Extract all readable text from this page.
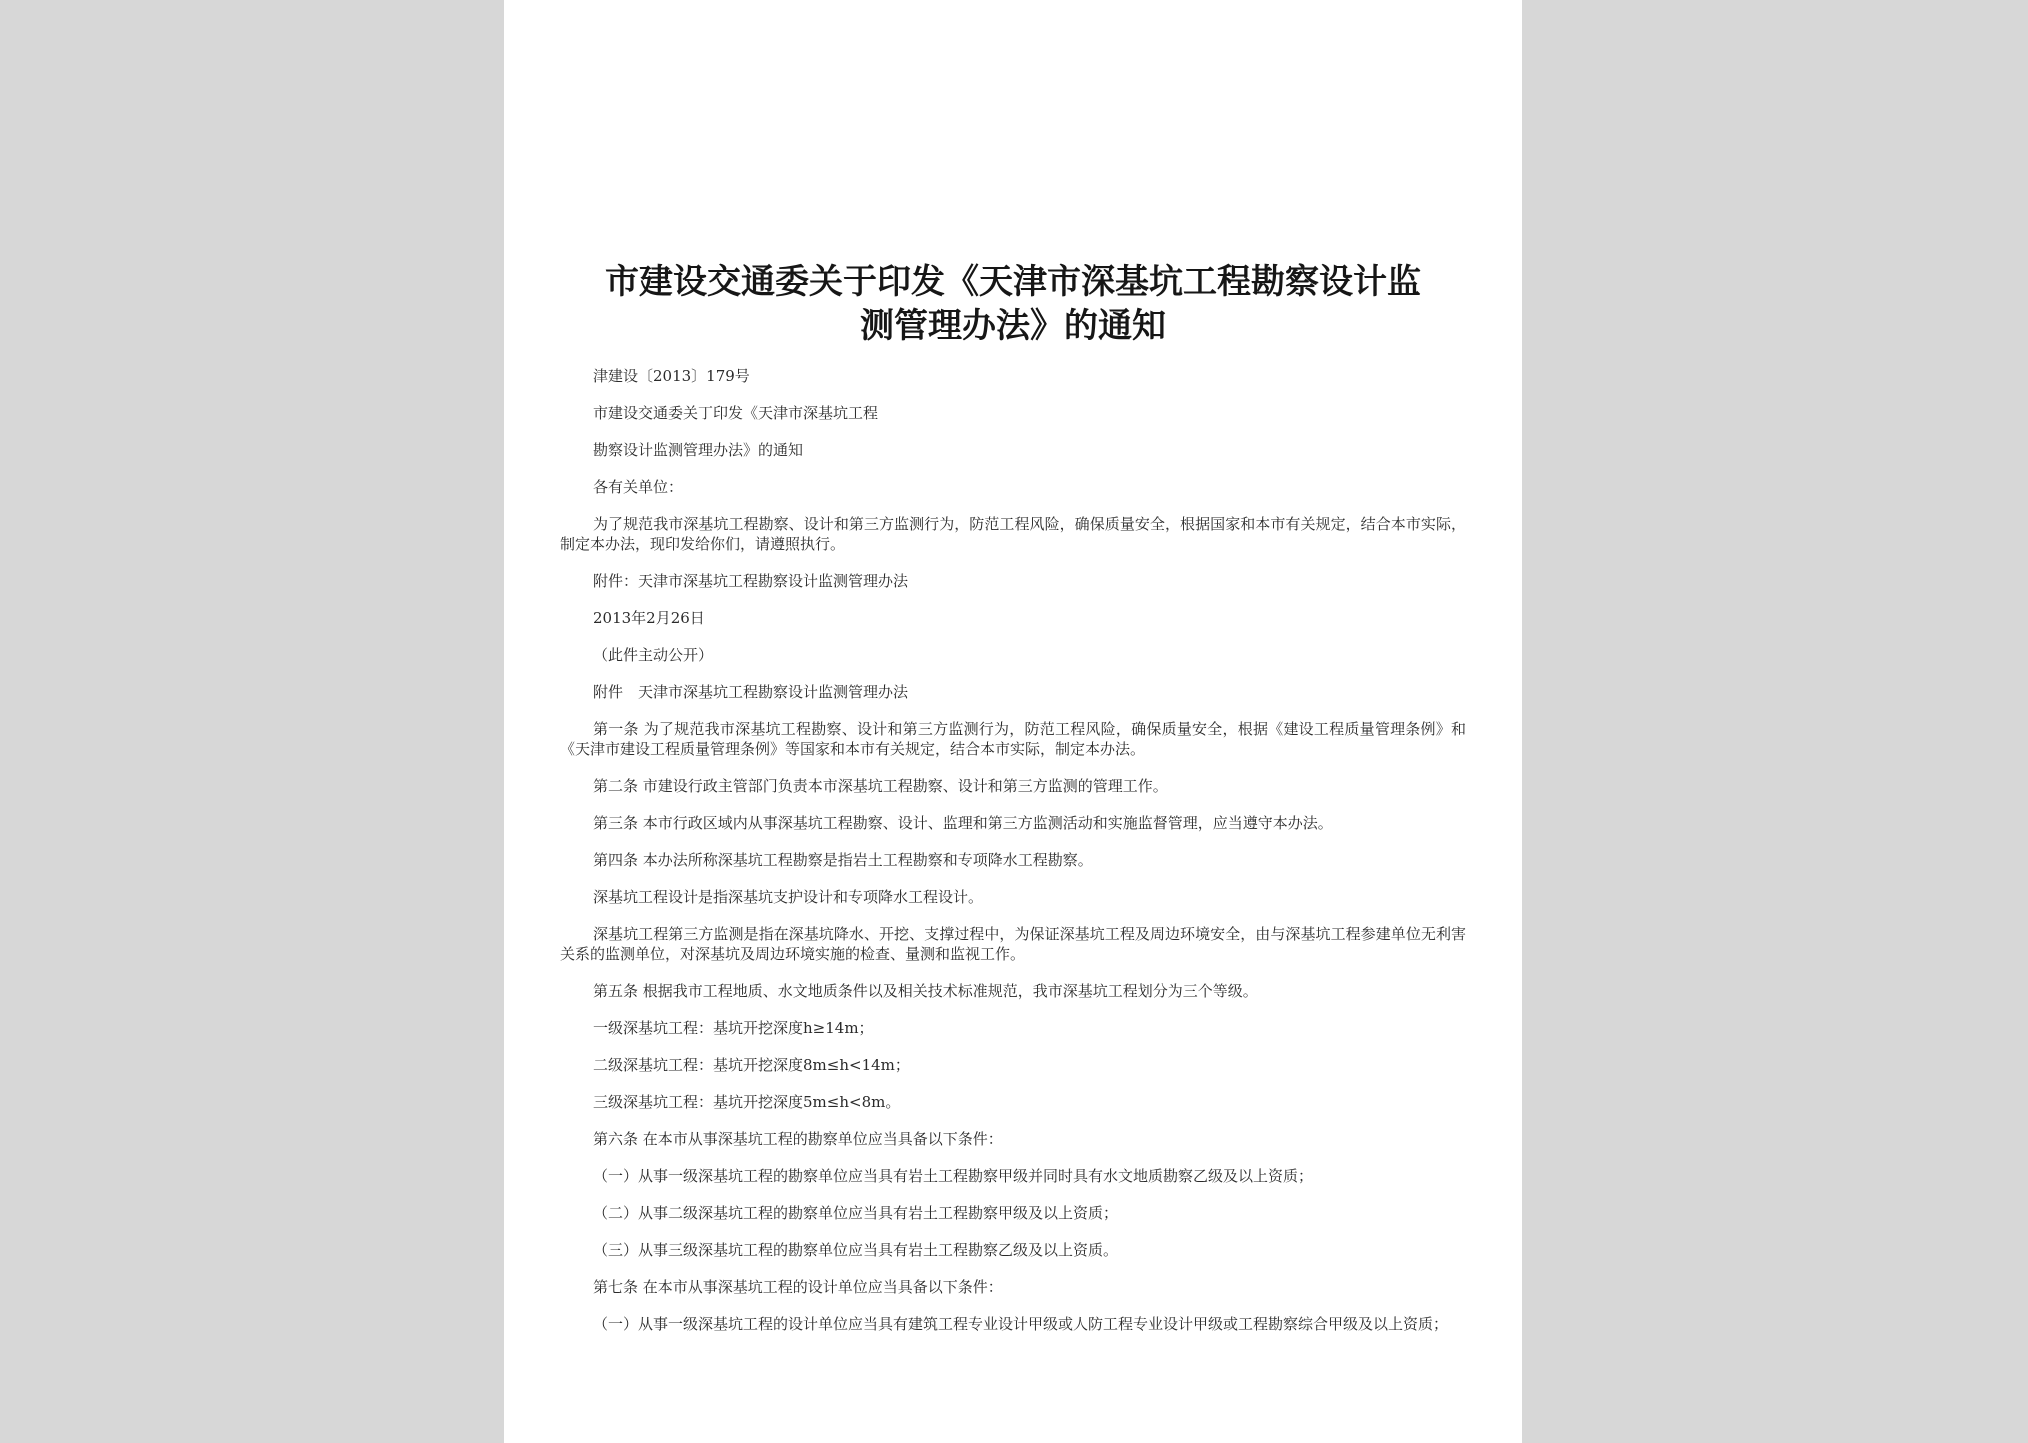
市建设交通委关于印发《天津市深基坑工程勘察设计监
测管理办法》的通知

津建设〔2013〕179号

市建设交通委关丁印发《天津市深基坑工程

勘察设计监测管理办法》的通知

各有关单位：

为了规范我市深基坑工程勘察、设计和第三方监测行为，防范工程风险，确保质量安全，根据国家和本市有关规定，结合本市实际，制定本办法，现印发给你们，请遵照执行。

附件：天津市深基坑工程勘察设计监测管理办法

2013年2月26日

（此件主动公开）

附件　天津市深基坑工程勘察设计监测管理办法

第一条 为了规范我市深基坑工程勘察、设计和第三方监测行为，防范工程风险，确保质量安全，根据《建设工程质量管理条例》和《天津市建设工程质量管理条例》等国家和本市有关规定，结合本市实际，制定本办法。

第二条 市建设行政主管部门负责本市深基坑工程勘察、设计和第三方监测的管理工作。

第三条 本市行政区域内从事深基坑工程勘察、设计、监理和第三方监测活动和实施监督管理，应当遵守本办法。

第四条 本办法所称深基坑工程勘察是指岩土工程勘察和专项降水工程勘察。

深基坑工程设计是指深基坑支护设计和专项降水工程设计。

深基坑工程第三方监测是指在深基坑降水、开挖、支撑过程中，为保证深基坑工程及周边环境安全，由与深基坑工程参建单位无利害关系的监测单位，对深基坑及周边环境实施的检查、量测和监视工作。

第五条 根据我市工程地质、水文地质条件以及相关技术标准规范，我市深基坑工程划分为三个等级。

一级深基坑工程：基坑开挖深度h≥14m；

二级深基坑工程：基坑开挖深度8m≤h<14m；

三级深基坑工程：基坑开挖深度5m≤h<8m。

第六条 在本市从事深基坑工程的勘察单位应当具备以下条件：

（一）从事一级深基坑工程的勘察单位应当具有岩土工程勘察甲级并同时具有水文地质勘察乙级及以上资质；

（二）从事二级深基坑工程的勘察单位应当具有岩土工程勘察甲级及以上资质；

（三）从事三级深基坑工程的勘察单位应当具有岩土工程勘察乙级及以上资质。

第七条 在本市从事深基坑工程的设计单位应当具备以下条件：

（一）从事一级深基坑工程的设计单位应当具有建筑工程专业设计甲级或人防工程专业设计甲级或工程勘察综合甲级及以上资质；
